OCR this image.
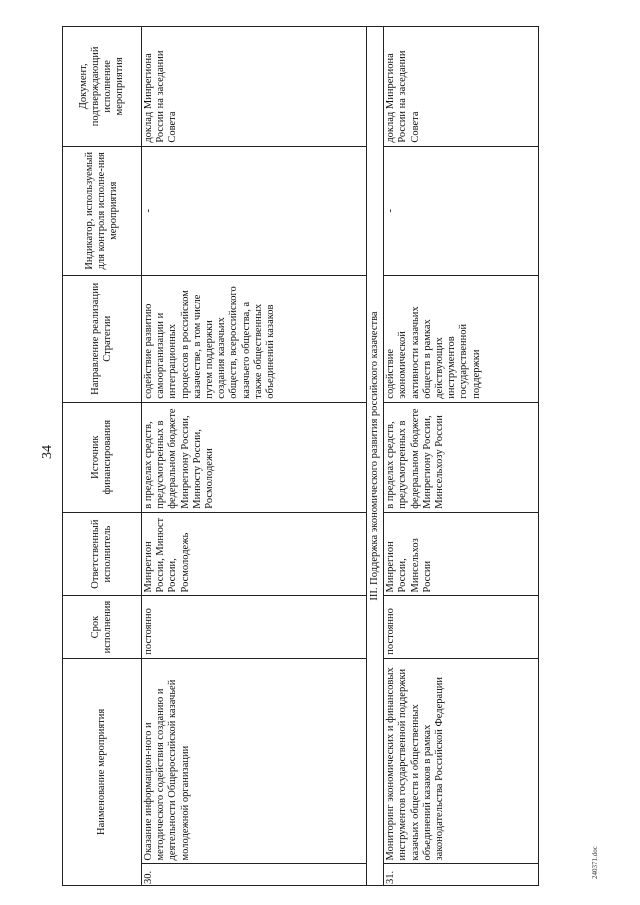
34
Наименование мероприятия		Срок исполнения	Ответственный исполнитель	Источник финансирования	Направление реализации Стратегии	Индикатор, используемый для контроля исполне-ния мероприятия	Документ, подтверждающий исполнение мероприятия
30.	Оказание информацион-ного и методического содействия созданию и деятельности Общероссийской казачьей молодежной организации	постоянно	Минрегион России, Минюст России, Росмолодежь	в пределах средств, предусмотренных в федеральном бюджете Минрегиону России, Минюсту России, Росмолодежи	содействие развитию самоорганизации и интеграционных процессов в российском казачестве, в том числе путем поддержки создания казачьих обществ, всероссийского казачьего общества, а также общественных объединений казаков	-	доклад Минрегиона России на заседании Совета
III. Поддержка экономического развития российского казачества							
31.	Мониторинг экономических и финансовых инструментов государственной поддержки казачьих обществ и общественных объединений казаков в рамках законодательства Российской Федерации	постоянно	Минрегион России, Минсельхоз России	в пределах средств, предусмотренных в федеральном бюджете Минрегиону России, Минсельхозу России	содействие экономической активности казачьих обществ в рамках действующих инструментов государственной поддержки	-	доклад Минрегиона России на заседании Совета
240371.doc
